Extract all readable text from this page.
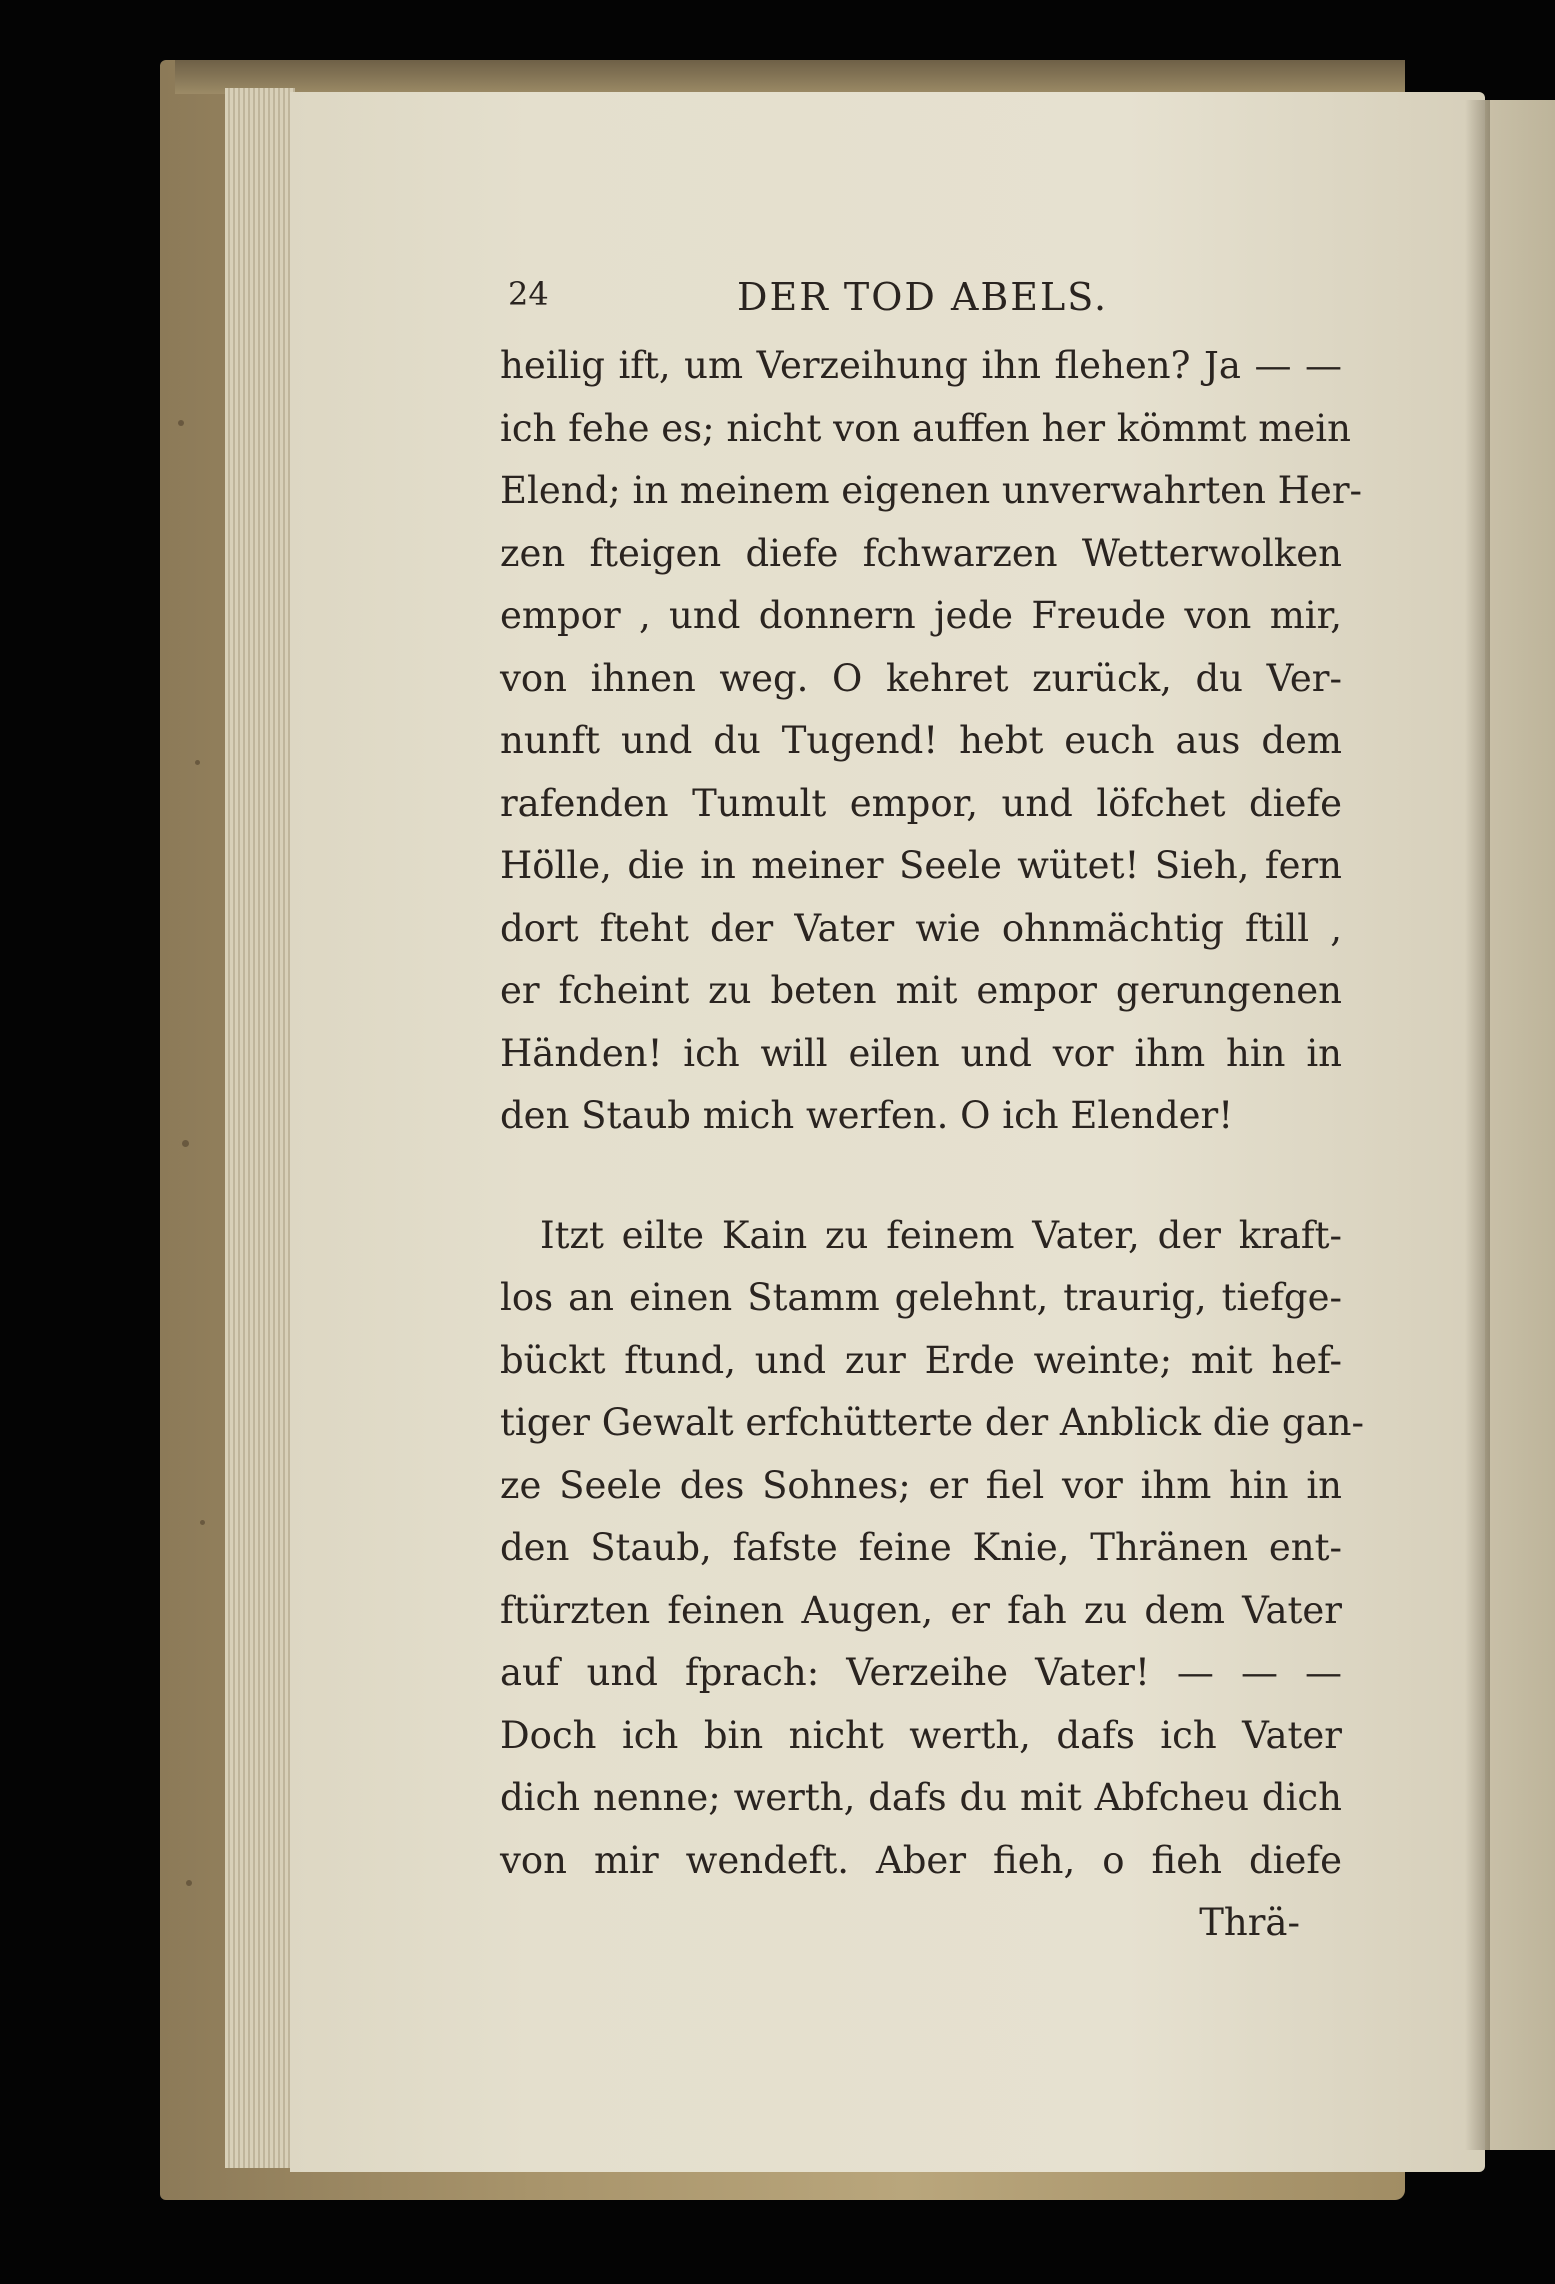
24	DER TOD ABELS.
heilig ift, um Verzeihung ihn flehen? Ja — —
ich fehe es; nicht von auffen her kömmt mein
Elend; in meinem eigenen unverwahrten Her-
zen fteigen diefe fchwarzen Wetterwolken
empor , und donnern jede Freude von mir,
von ihnen weg. O kehret zurück, du Ver-
nunft und du Tugend! hebt euch aus dem
rafenden Tumult empor, und löfchet diefe
Hölle, die in meiner Seele wütet! Sieh, fern
dort fteht der Vater wie ohnmächtig ftill ,
er fcheint zu beten mit empor gerungenen
Händen! ich will eilen und vor ihm hin in
den Staub mich werfen. O ich Elender!
Itzt eilte Kain zu feinem Vater, der kraft-
los an einen Stamm gelehnt, traurig, tiefge-
bückt ftund, und zur Erde weinte; mit hef-
tiger Gewalt erfchütterte der Anblick die gan-
ze Seele des Sohnes; er fiel vor ihm hin in
den Staub, fafste feine Knie, Thränen ent-
ftürzten feinen Augen, er fah zu dem Vater
auf und fprach: Verzeihe Vater! — — —
Doch ich bin nicht werth, dafs ich Vater
dich nenne; werth, dafs du mit Abfcheu dich
von mir wendeft. Aber fieh, o fieh diefe
Thrä-
